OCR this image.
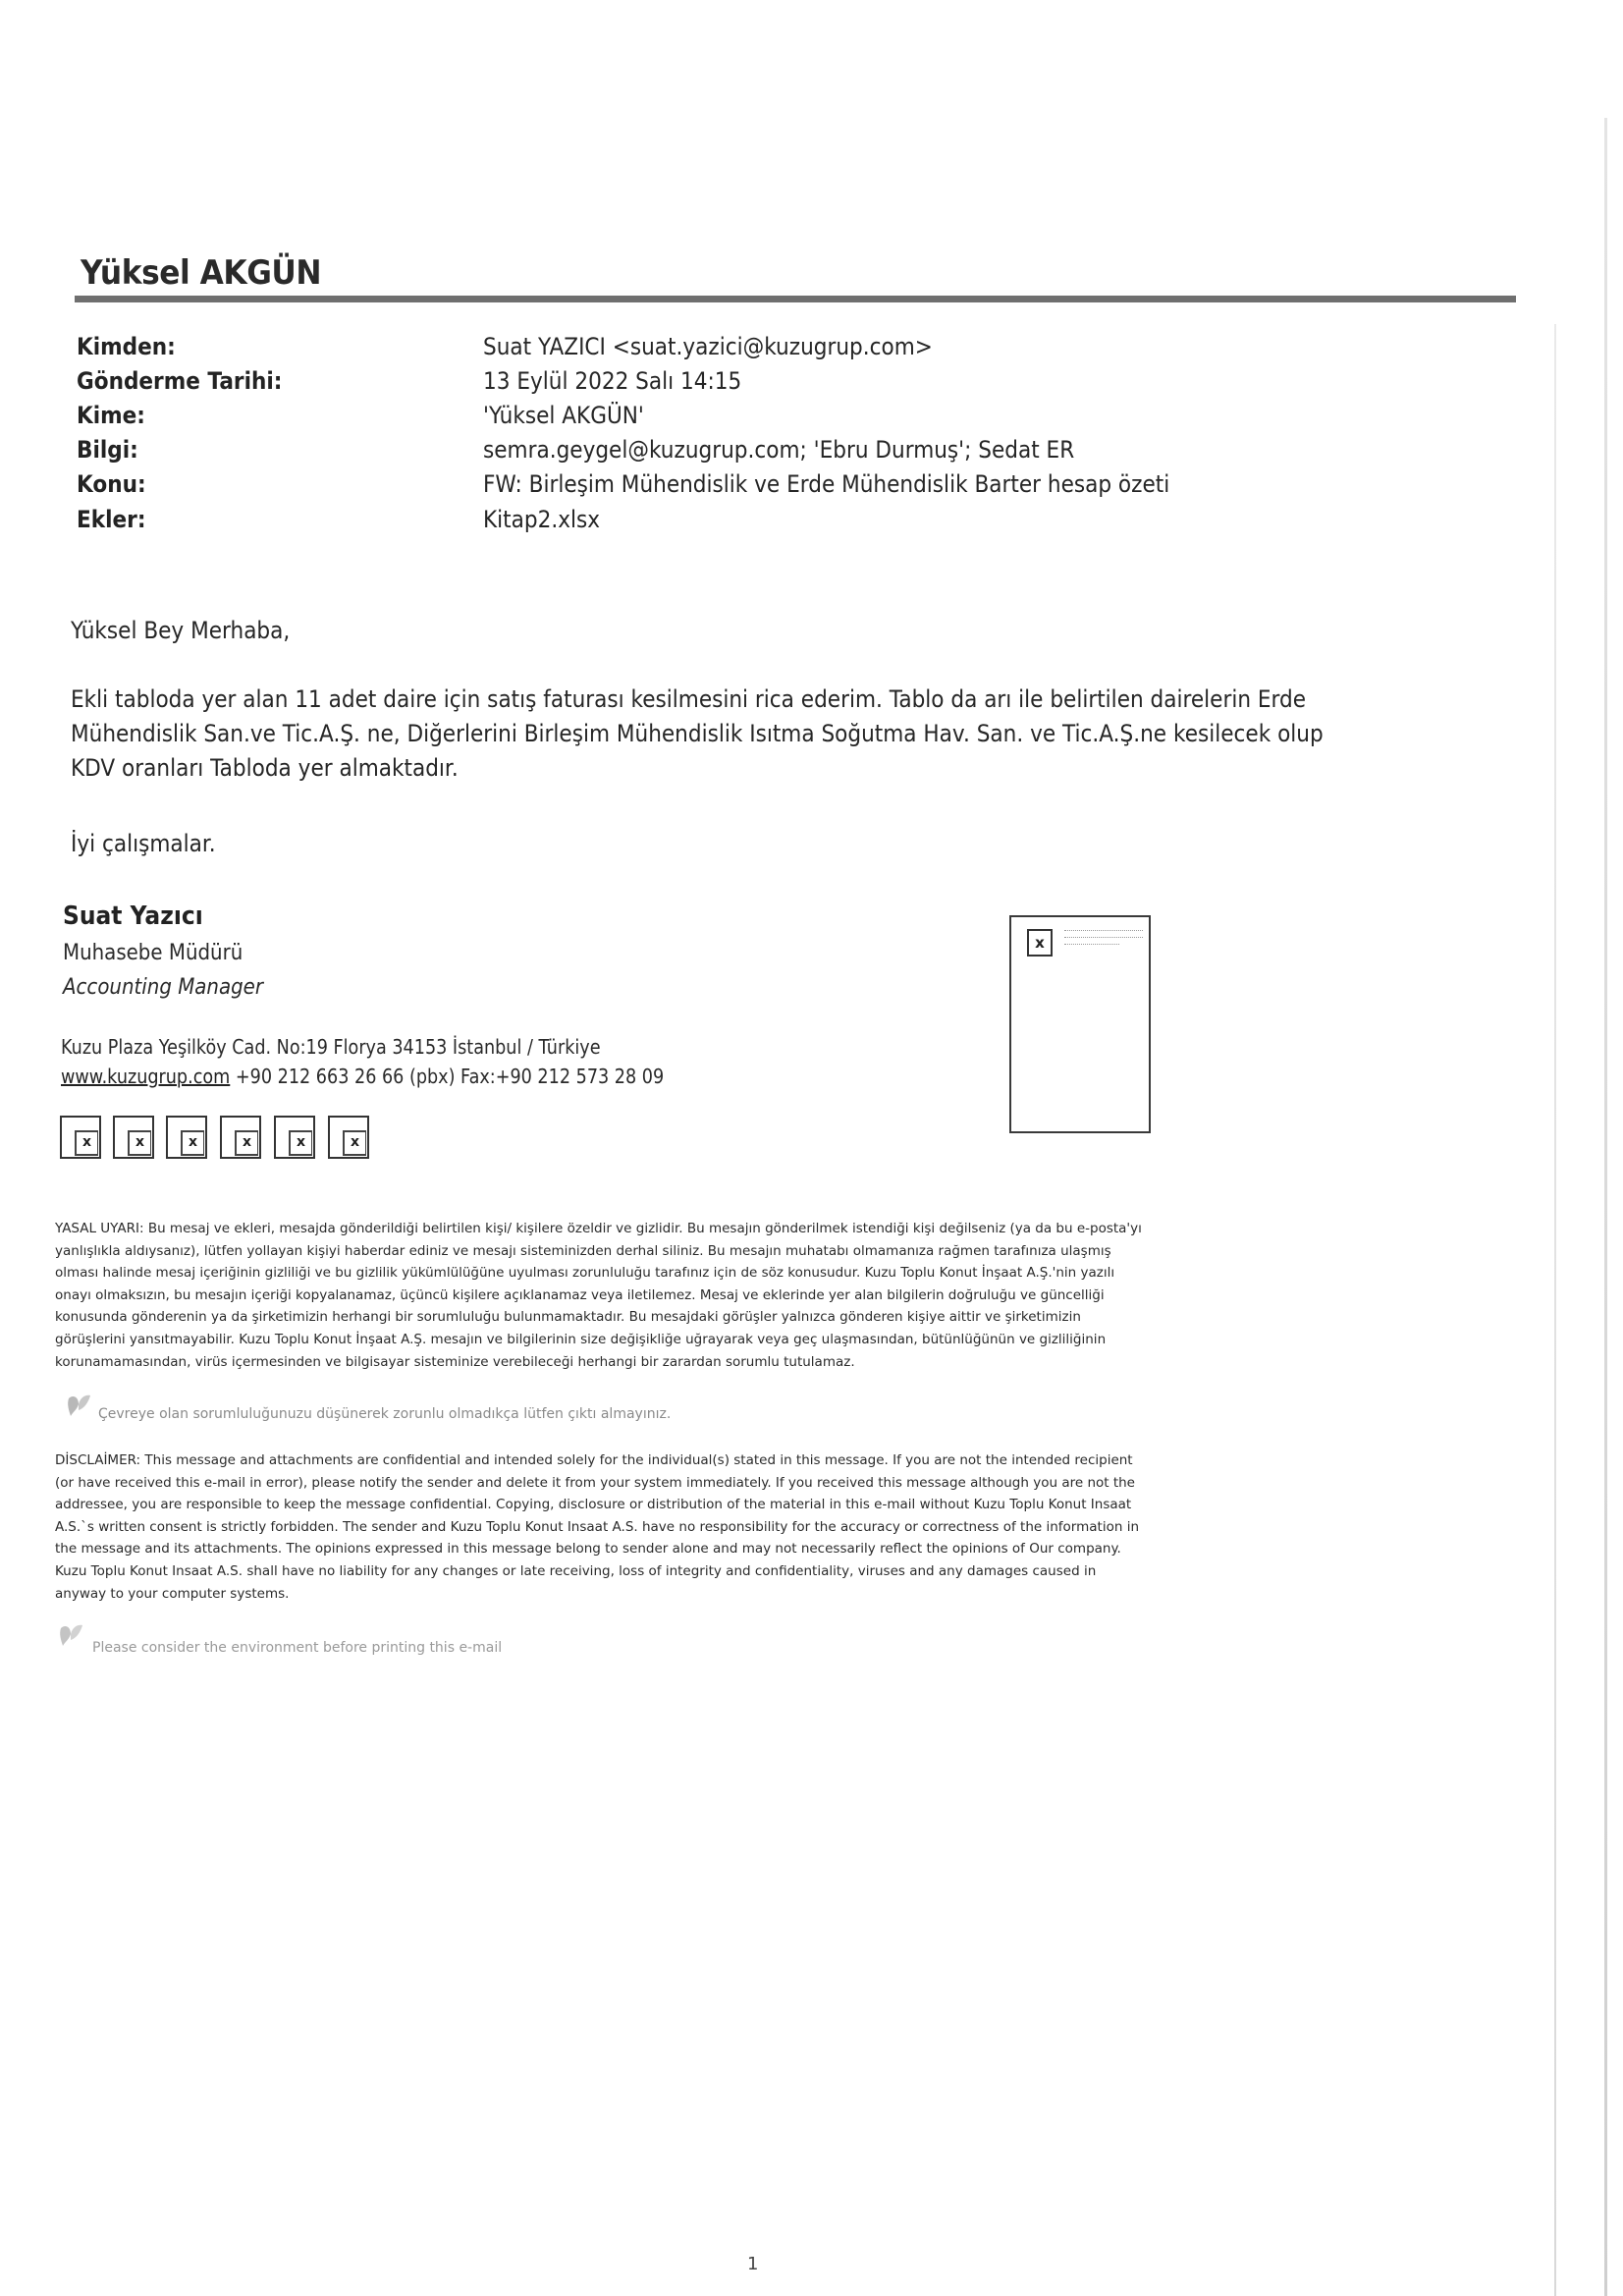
Yüksel AKGÜN
Kimden:	Suat YAZICI <suat.yazici@kuzugrup.com>
Gönderme Tarihi:	13 Eylül 2022 Salı 14:15
Kime:	'Yüksel AKGÜN'
Bilgi:	semra.geygel@kuzugrup.com; 'Ebru Durmuş'; Sedat ER
Konu:	FW: Birleşim Mühendislik ve Erde Mühendislik Barter hesap özeti
Ekler:	Kitap2.xlsx
Yüksel Bey Merhaba,
Ekli tabloda yer alan 11 adet daire için satış faturası kesilmesini rica ederim. Tablo da arı ile belirtilen dairelerin Erde
Mühendislik San.ve Tic.A.Ş. ne, Diğerlerini Birleşim Mühendislik Isıtma Soğutma Hav. San. ve Tic.A.Ş.ne kesilecek olup
KDV oranları Tabloda yer almaktadır.
İyi çalışmalar.
Suat Yazıcı
Muhasebe Müdürü
Accounting Manager
Kuzu Plaza Yeşilköy Cad. No:19 Florya 34153 İstanbul / Türkiye
www.kuzugrup.com +90 212 663 26 66 (pbx) Fax:+90 212 573 28 09
x	x	x	x	x	x
x
YASAL UYARI: Bu mesaj ve ekleri, mesajda gönderildiği belirtilen kişi/ kişilere özeldir ve gizlidir. Bu mesajın gönderilmek istendiği kişi değilseniz (ya da bu e-posta'yı
yanlışlıkla aldıysanız), lütfen yollayan kişiyi haberdar ediniz ve mesajı sisteminizden derhal siliniz. Bu mesajın muhatabı olmamanıza rağmen tarafınıza ulaşmış
olması halinde mesaj içeriğinin gizliliği ve bu gizlilik yükümlülüğüne uyulması zorunluluğu tarafınız için de söz konusudur. Kuzu Toplu Konut İnşaat A.Ş.'nin yazılı
onayı olmaksızın, bu mesajın içeriği kopyalanamaz, üçüncü kişilere açıklanamaz veya iletilemez. Mesaj ve eklerinde yer alan bilgilerin doğruluğu ve güncelliği
konusunda gönderenin ya da şirketimizin herhangi bir sorumluluğu bulunmamaktadır. Bu mesajdaki görüşler yalnızca gönderen kişiye aittir ve şirketimizin
görüşlerini yansıtmayabilir. Kuzu Toplu Konut İnşaat A.Ş. mesajın ve bilgilerinin size değişikliğe uğrayarak veya geç ulaşmasından, bütünlüğünün ve gizliliğinin
korunamamasından, virüs içermesinden ve bilgisayar sisteminize verebileceği herhangi bir zarardan sorumlu tutulamaz.
Çevreye olan sorumluluğunuzu düşünerek zorunlu olmadıkça lütfen çıktı almayınız.
DİSCLAİMER: This message and attachments are confidential and intended solely for the individual(s) stated in this message. If you are not the intended recipient
(or have received this e-mail in error), please notify the sender and delete it from your system immediately. If you received this message although you are not the
addressee, you are responsible to keep the message confidential. Copying, disclosure or distribution of the material in this e-mail without Kuzu Toplu Konut Insaat
A.S.`s written consent is strictly forbidden. The sender and Kuzu Toplu Konut Insaat A.S. have no responsibility for the accuracy or correctness of the information in
the message and its attachments. The opinions expressed in this message belong to sender alone and may not necessarily reflect the opinions of Our company.
Kuzu Toplu Konut Insaat A.S. shall have no liability for any changes or late receiving, loss of integrity and confidentiality, viruses and any damages caused in
anyway to your computer systems.
Please consider the environment before printing this e-mail
1
